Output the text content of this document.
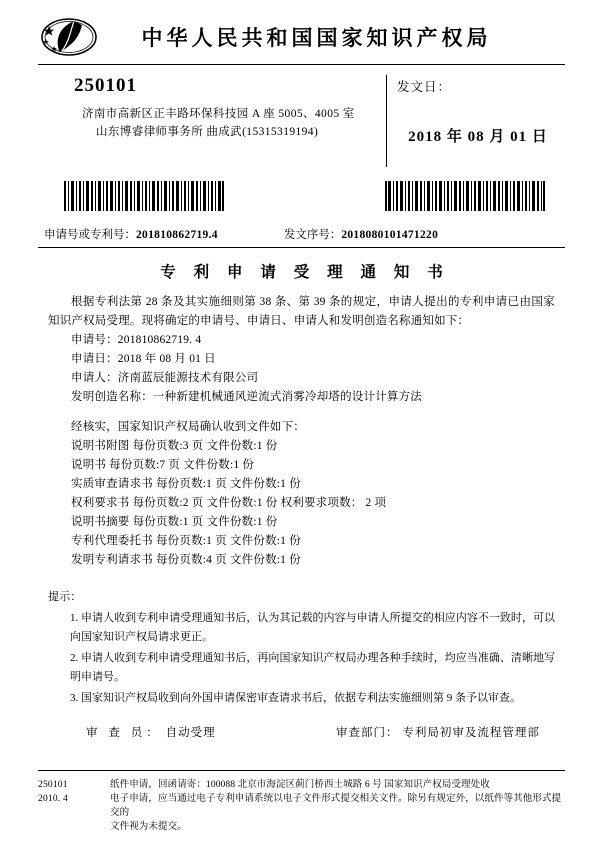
中华人民共和国国家知识产权局
250101
济南市高新区正丰路环保科技园 A 座 5005、4005 室
山东博睿律师事务所 曲成武(15315319194)
发文日：
2018 年 08 月 01 日
申请号或专利号：201810862719.4	发文序号：2018080101471220
专 利 申 请 受 理 通 知 书
根据专利法第 28 条及其实施细则第 38 条、第 39 条的规定，申请人提出的专利申请已由国家知识产权局受理。现将确定的申请号、申请日、申请人和发明创造名称通知如下：
申请号：201810862719. 4
申请日：2018 年 08 月 01 日
申请人：济南蓝辰能源技术有限公司
发明创造名称：一种新建机械通风逆流式消雾冷却塔的设计计算方法
经核实，国家知识产权局确认收到文件如下：
说明书附图 每份页数:3 页 文件份数:1 份
说明书 每份页数:7 页 文件份数:1 份
实质审查请求书 每份页数:1 页 文件份数:1 份
权利要求书 每份页数:2 页 文件份数:1 份 权利要求项数： 2 项
说明书摘要 每份页数:1 页 文件份数:1 份
专利代理委托书 每份页数:1 页 文件份数:1 份
发明专利请求书 每份页数:4 页 文件份数:1 份
提示：
1. 申请人收到专利申请受理通知书后，认为其记载的内容与申请人所提交的相应内容不一致时，可以向国家知识产权局请求更正。
2. 申请人收到专利申请受理通知书后，再向国家知识产权局办理各种手续时，均应当准确、清晰地写明申请号。
3. 国家知识产权局收到向外国申请保密审查请求书后，依据专利法实施细则第 9 条予以审查。
审 查 员： 自动受理	审查部门： 专利局初审及流程管理部
250101
2010. 4
纸件申请，回函请寄：100088 北京市海淀区蓟门桥西土城路 6 号 国家知识产权局受理处收
电子申请，应当通过电子专利申请系统以电子文件形式提交相关文件。除另有规定外，以纸件等其他形式提交的
文件视为未提交。
